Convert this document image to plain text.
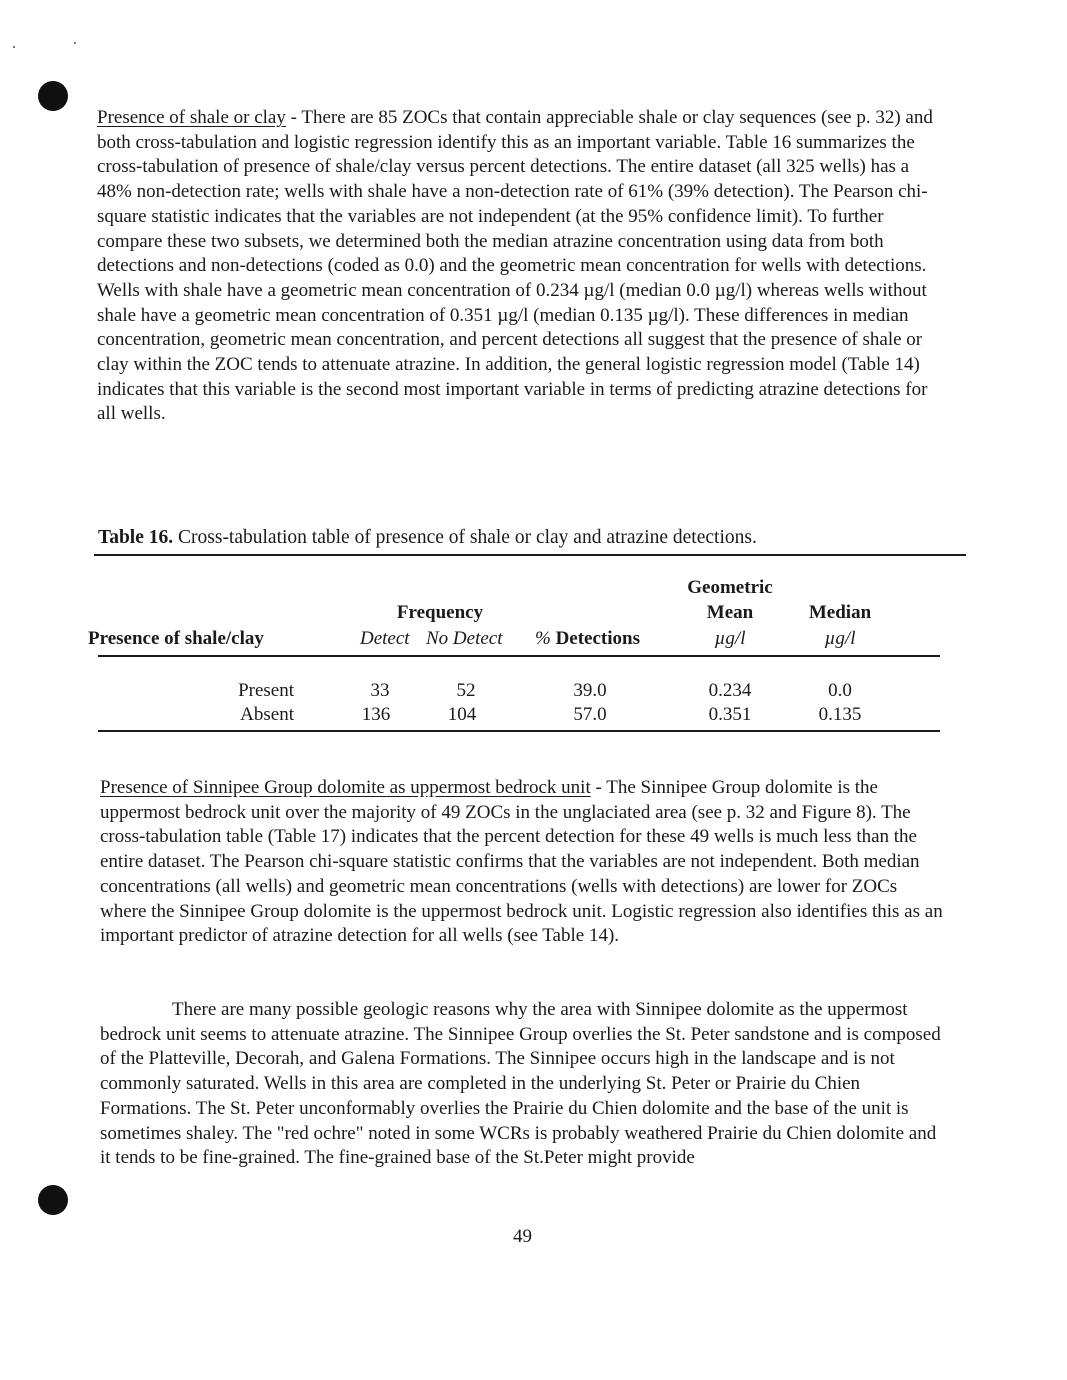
Presence of shale or clay - There are 85 ZOCs that contain appreciable shale or clay sequences (see p. 32) and both cross-tabulation and logistic regression identify this as an important variable. Table 16 summarizes the cross-tabulation of presence of shale/clay versus percent detections. The entire dataset (all 325 wells) has a 48% non-detection rate; wells with shale have a non-detection rate of 61% (39% detection). The Pearson chi-square statistic indicates that the variables are not independent (at the 95% confidence limit). To further compare these two subsets, we determined both the median atrazine concentration using data from both detections and non-detections (coded as 0.0) and the geometric mean concentration for wells with detections. Wells with shale have a geometric mean concentration of 0.234 µg/l (median 0.0 µg/l) whereas wells without shale have a geometric mean concentration of 0.351 µg/l (median 0.135 µg/l). These differences in median concentration, geometric mean concentration, and percent detections all suggest that the presence of shale or clay within the ZOC tends to attenuate atrazine. In addition, the general logistic regression model (Table 14) indicates that this variable is the second most important variable in terms of predicting atrazine detections for all wells.

Table 16. Cross-tabulation table of presence of shale or clay and atrazine detections.

Geometric
Frequency	Mean	Median
Presence of shale/clay	Detect No Detect % Detections	µg/l	µg/l
Present	33	52	39.0	0.234	0.0
Absent	136	104	57.0	0.351	0.135

Presence of Sinnipee Group dolomite as uppermost bedrock unit - The Sinnipee Group dolomite is the uppermost bedrock unit over the majority of 49 ZOCs in the unglaciated area (see p. 32 and Figure 8). The cross-tabulation table (Table 17) indicates that the percent detection for these 49 wells is much less than the entire dataset. The Pearson chi-square statistic confirms that the variables are not independent. Both median concentrations (all wells) and geometric mean concentrations (wells with detections) are lower for ZOCs where the Sinnipee Group dolomite is the uppermost bedrock unit. Logistic regression also identifies this as an important predictor of atrazine detection for all wells (see Table 14).

There are many possible geologic reasons why the area with Sinnipee dolomite as the uppermost bedrock unit seems to attenuate atrazine. The Sinnipee Group overlies the St. Peter sandstone and is composed of the Platteville, Decorah, and Galena Formations. The Sinnipee occurs high in the landscape and is not commonly saturated. Wells in this area are completed in the underlying St. Peter or Prairie du Chien Formations. The St. Peter unconformably overlies the Prairie du Chien dolomite and the base of the unit is sometimes shaley. The "red ochre" noted in some WCRs is probably weathered Prairie du Chien dolomite and it tends to be fine-grained. The fine-grained base of the St.Peter might provide

49
